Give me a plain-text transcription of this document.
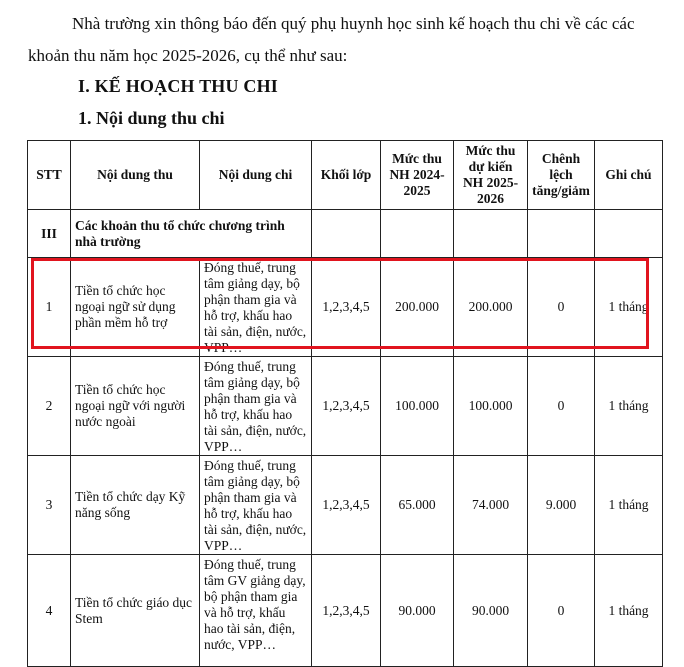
Nhà trường xin thông báo đến quý phụ huynh học sinh kế hoạch thu chi về các các khoản thu năm học 2025-2026, cụ thể như sau:

I. KẾ HOẠCH THU CHI
1. Nội dung thu chi
STT	Nội dung thu	Nội dung chi	Khối lớp	Mức thu NH 2024-2025	Mức thu dự kiến NH 2025-2026	Chênh lệch tăng/giảm	Ghi chú
III	Các khoản thu tổ chức chương trình nhà trường						
1	Tiền tổ chức học ngoại ngữ sử dụng phần mềm hỗ trợ	Đóng thuế, trung tâm giảng dạy, bộ phận tham gia và hỗ trợ, khấu hao tài sản, điện, nước, VPP…	1,2,3,4,5	200.000	200.000	0	1 tháng
2	Tiền tổ chức học ngoại ngữ với người nước ngoài	Đóng thuế, trung tâm giảng dạy, bộ phận tham gia và hỗ trợ, khấu hao tài sản, điện, nước, VPP…	1,2,3,4,5	100.000	100.000	0	1 tháng
3	Tiền tổ chức dạy Kỹ năng sống	Đóng thuế, trung tâm giảng dạy, bộ phận tham gia và hỗ trợ, khấu hao tài sản, điện, nước, VPP…	1,2,3,4,5	65.000	74.000	9.000	1 tháng
4	Tiền tổ chức giáo dục Stem	Đóng thuế, trung tâm GV giảng dạy, bộ phận tham gia và hỗ trợ, khấu hao tài sản, điện, nước, VPP…	1,2,3,4,5	90.000	90.000	0	1 tháng
